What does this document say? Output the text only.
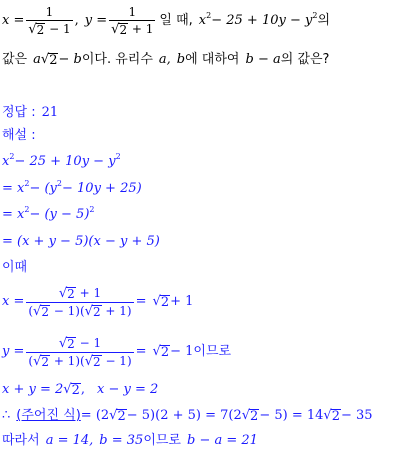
$x = \frac{1}{√ 2 - 1}$ , $y = \frac{1}{√ 2 + 1}$ 일 때, $x^2 - 25 + 10y - y^2$ 의
값은 a √ 2 − b 이다. 유리수 a, b 에 대하여 b − a 의 값은?
정답 : 21
해설 :
$x^2 - 25 + 10y - y^2$
= $x^2 - (y^2 - 10y + 25)$
= $x^2 - (y - 5)^2$
= (x + y − 5)(x − y + 5)
이때
$x = \frac{√ 2 + 1}{( √ 2 - 1)( √ 2 + 1)}$ = √ 2 + 1
$y = \frac{√ 2 - 1}{( √ 2 + 1)( √ 2 - 1)}$ = √ 2 − 1 이므로
x + y = 2 √ 2 , x − y = 2
∴ (주어진 식) = (2 √ 2 − 5)(2 + 5) = 7(2 √ 2 − 5) = 14 √ 2 − 35
따라서 a = 14, b = 35 이므로 b − a = 21
